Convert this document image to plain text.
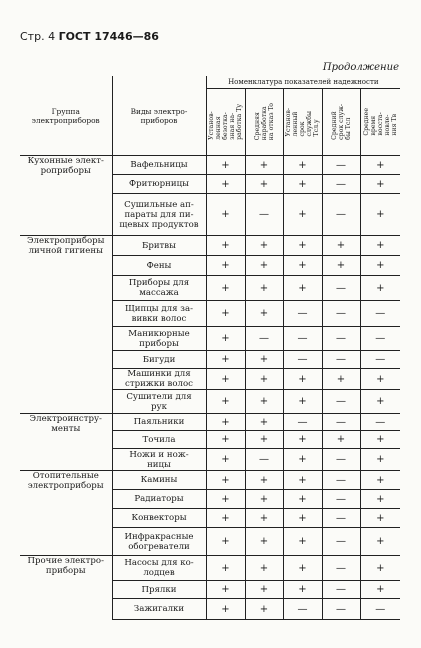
Стр. 4 ГОСТ 17446—86
Продолжение
Группа
электроприборов	Виды электро-
приборов	Номенклатура показателей надежности				

		Установ-
ленная
безотка-
зная на-
работка Tу	Средняя
наработка
на отказ To	Установ-
ленный
срок
службы
Tсл.у	Средний
срок служ-
бы Tсл	Среднее
время
восста-
новле-
ния Tв

Кухонные элект-
роприборы	Вафельницы	+	+	+	—	+
	Фритюрницы	+	+	+	—	+
	Сушильные ап-
параты для пи-
щевых продуктов	+	—	+	—	+
Электроприборы
личной гигиены	Бритвы	+	+	+	+	+
	Фены	+	+	+	+	+
	Приборы для
массажа	+	+	+	—	+
	Щипцы для за-
вивки волос	+	+	—	—	—
	Маникюрные
приборы	+	—	—	—	—
	Бигуди	+	+	—	—	—
	Машинки для
стрижки волос	+	+	+	+	+
	Сушители для
рук	+	+	+	—	+
Электроинстру-
менты	Паяльники	+	+	—	—	—
	Точила	+	+	+	+	+
	Ножи и нож-
ницы	+	—	+	—	+
Отопительные
электроприборы	Камины	+	+	+	—	+
	Радиаторы	+	+	+	—	+
	Конвекторы	+	+	+	—	+
	Инфракрасные
обогреватели	+	+	+	—	+
Прочие электро-
приборы	Насосы для ко-
лодцев	+	+	+	—	+
	Прялки	+	+	+	—	+
	Зажигалки	+	+	—	—	—
